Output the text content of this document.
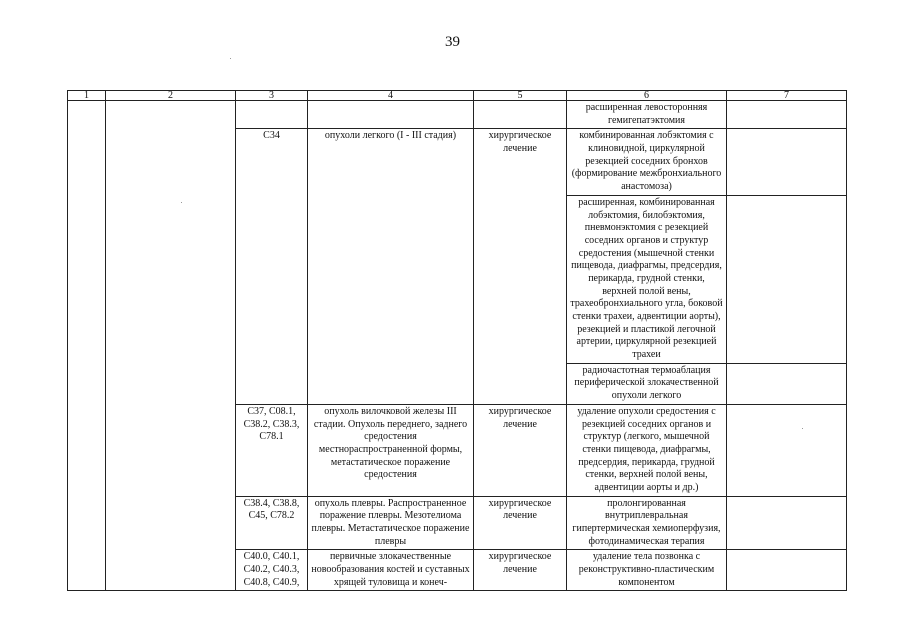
39
1	2	3	4	5	6	7
					расширенная левосторонняя гемигепатэктомия	
		C34	опухоли легкого (I - III стадия)	хирургическое лечение	комбинированная лобэктомия с клиновидной, циркулярной резекцией соседних бронхов (формирование межбронхиального анастомоза)	
					расширенная, комбинированная лобэктомия, билобэктомия, пневмонэктомия с резекцией соседних органов и структур средостения (мышечной стенки пищевода, диафрагмы, предсердия, перикарда, грудной стенки, верхней полой вены, трахеобронхиального угла, боковой стенки трахеи, адвентиции аорты), резекцией и пластикой легочной артерии, циркулярной резекцией трахеи	
					радиочастотная термоаблация периферической злокачественной опухоли легкого	
		C37, C08.1, C38.2, C38.3, C78.1	опухоль вилочковой железы III стадии. Опухоль переднего, заднего средостения местнораспространенной формы, метастатическое поражение средостения	хирургическое лечение	удаление опухоли средостения с резекцией соседних органов и структур (легкого, мышечной стенки пищевода, диафрагмы, предсердия, перикарда, грудной стенки, верхней полой вены, адвентиции аорты и др.)	
		C38.4, C38.8, C45, C78.2	опухоль плевры. Распространенное поражение плевры. Мезотелиома плевры. Метастатическое поражение плевры	хирургическое лечение	пролонгированная внутриплевральная гипертермическая хемиоперфузия, фотодинамическая терапия	
		C40.0, C40.1, C40.2, C40.3, C40.8, C40.9,	первичные злокачественные новообразования костей и суставных хрящей туловища и конеч-	хирургическое лечение	удаление тела позвонка с реконструктивно-пластическим компонентом	
